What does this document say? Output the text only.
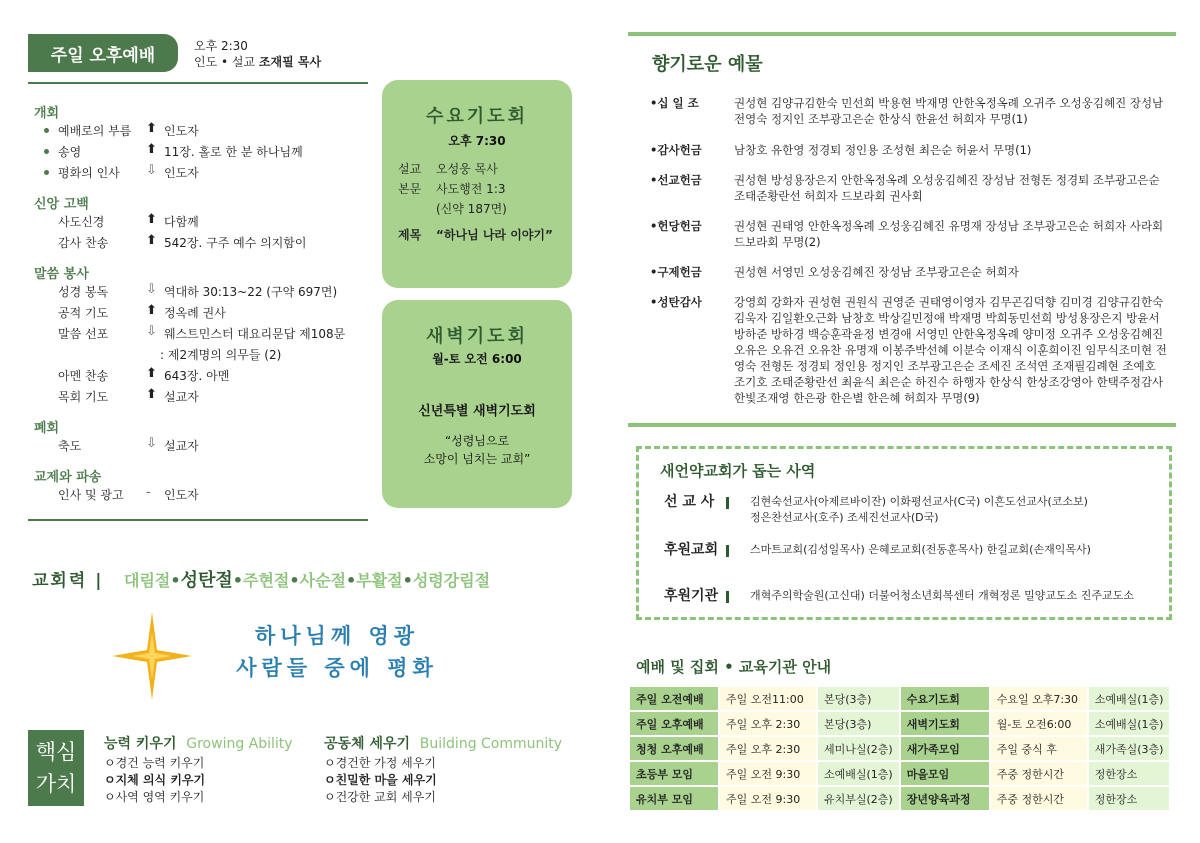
주일 오후예배	오후 2:30
인도 • 설교 조재필 목사
개회
예배로의 부름 ⬆ 인도자
송영	⬆ 11장. 홀로 한 분 하나님께
평화의 인사 ⇩ 인도자
신앙 고백
사도신경	⬆ 다함께
감사 찬송	⬆ 542장. 구주 예수 의지함이
말씀 봉사
성경 봉독	⇩ 역대하 30:13~22 (구약 697면)
공적 기도	⬆ 정옥례 권사
말씀 선포	⇩ 웨스트민스터 대요리문답 제108문
: 제2계명의 의무들 (2)
아멘 찬송	⬆ 643장. 아멘
목회 기도	⬆ 설교자
폐회
축도	⇩ 설교자
교제와 파송
인사 및 광고 - 인도자
수요기도회
오후 7:30
설교 오성웅 목사
본문 사도행전 1:3
(신약 187면)
제목 “하나님 나라 이야기”
새벽기도회
월-토 오전 6:00
신년특별 새벽기도회
“성령님으로
소망이 넘치는 교회”
교회력 | 대림절•성탄절•주현절•사순절•부활절•성령강림절
하나님께 영광
사람들 중에 평화
핵심
가치
능력 키우기 Growing Ability
ㅇ경건 능력 키우기
ㅇ지체 의식 키우기
ㅇ사역 영역 키우기
공동체 세우기 Building Community
ㅇ경건한 가정 세우기
ㅇ친밀한 마을 세우기
ㅇ건강한 교회 세우기
향기로운 예물
•십 일 조	권성현 김양규김한숙 민선희 박용현 박재명 안한옥정옥례 오귀주 오성웅김혜진 장성남 전영숙 정지인 조부광고은순 한상식 한윤선 허희자 무명(1)
•감사헌금	남창호 유한영 정경퇴 정인용 조성현 최은순 허윤서 무명(1)
•선교헌금	권성현 방성용장은지 안한옥정옥례 오성웅김혜진 장성남 전형돈 정경퇴 조부광고은순 조태준황란선 허희자 드보라회 권사회
•헌당헌금	권성현 권태영 안한옥정옥례 오성웅김혜진 유명재 장성남 조부광고은순 허희자 사라회 드보라회 무명(2)
•구제헌금	권성현 서영민 오성웅김혜진 장성남 조부광고은순 허희자
•성탄감사	강영희 강화자 권성현 권원식 권영준 권태영이영자 김무곤김덕향 김미경 김양규김한숙 김욱자 김일환오근화 남창호 박상길민정애 박재명 박희동민선희 방성용장은지 방윤서 방하준 방하경 백승훈곽윤정 변경애 서영민 안한옥정옥례 양미정 오귀주 오성웅김혜진 오유은 오유건 오유찬 유명재 이봉주박선혜 이분숙 이재식 이훈희이진 임무식조미현 전영숙 전형돈 정경퇴 정인용 정지인 조부광고은순 조세진 조석연 조재필김례현 조예호 조기호 조태준황란선 최윤식 최은순 하진수 하행자 한상식 한상조강영아 한택주정감사 한빛조재영 한은광 한은별 한은혜 허희자 무명(9)
새언약교회가 돕는 사역
선 교 사	김현숙선교사(아제르바이잔) 이화평선교사(C국) 이흔도선교사(코소보)
정은찬선교사(호주) 조세진선교사(D국)
후원교회	스마트교회(김성일목사) 은혜로교회(전동훈목사) 한길교회(손재익목사)
후원기관	개혁주의학술원(고신대) 더불어청소년회복센터 개혁정론 밀양교도소 진주교도소
예배 및 집회 • 교육기관 안내
주일 오전예배	주일 오전11:00	본당(3층)	수요기도회	수요일 오후7:30	소예배실(1층)
주일 오후예배	주일 오후 2:30	본당(3층)	새벽기도회	월-토 오전6:00	소예배실(1층)
청청 오후예배	주일 오후 2:30	세미나실(2층)	새가족모임	주일 중식 후	새가족실(3층)
초등부 모임	주일 오전 9:30	소예배실(1층)	마을모임	주중 정한시간	정한장소
유치부 모임	주일 오전 9:30	유치부실(2층)	장년양육과정	주중 정한시간	정한장소
